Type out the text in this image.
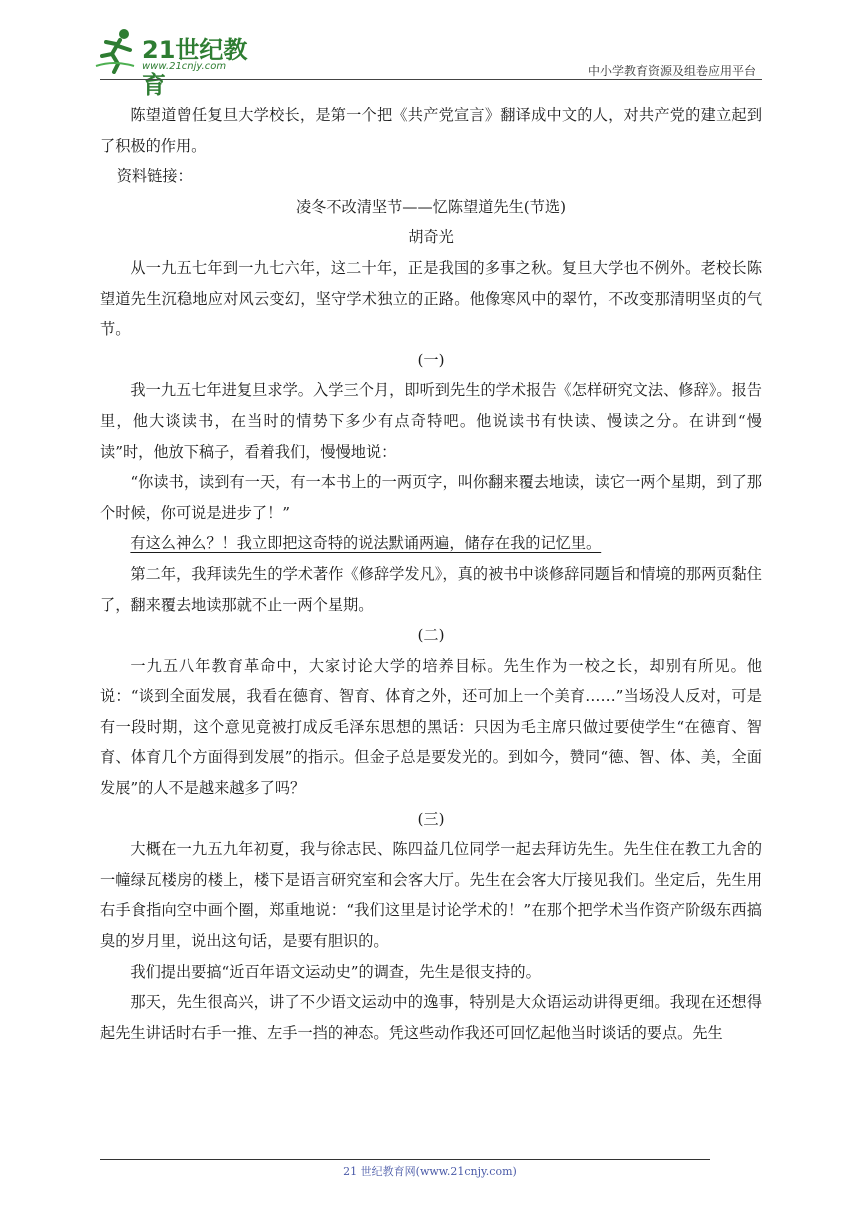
21世纪教育
www.21cnjy.com	中小学教育资源及组卷应用平台

陈望道曾任复旦大学校长，是第一个把《共产党宣言》翻译成中文的人，对共产党的建立起到了积极的作用。

资料链接：

凌冬不改清坚节——忆陈望道先生(节选)

胡奇光

从一九五七年到一九七六年，这二十年，正是我国的多事之秋。复旦大学也不例外。老校长陈望道先生沉稳地应对风云变幻，坚守学术独立的正路。他像寒风中的翠竹，不改变那清明坚贞的气节。

(一)

我一九五七年进复旦求学。入学三个月，即听到先生的学术报告《怎样研究文法、修辞》。报告里，他大谈读书，在当时的情势下多少有点奇特吧。他说读书有快读、慢读之分。在讲到“慢读”时，他放下稿子，看着我们，慢慢地说：

“你读书，读到有一天，有一本书上的一两页字，叫你翻来覆去地读，读它一两个星期，到了那个时候，你可说是进步了！”

有这么神么？！我立即把这奇特的说法默诵两遍，储存在我的记忆里。

第二年，我拜读先生的学术著作《修辞学发凡》，真的被书中谈修辞同题旨和情境的那两页黏住了，翻来覆去地读那就不止一两个星期。

(二)

一九五八年教育革命中，大家讨论大学的培养目标。先生作为一校之长，却别有所见。他说：“谈到全面发展，我看在德育、智育、体育之外，还可加上一个美育……”当场没人反对，可是有一段时期，这个意见竟被打成反毛泽东思想的黑话：只因为毛主席只做过要使学生“在德育、智育、体育几个方面得到发展”的指示。但金子总是要发光的。到如今，赞同“德、智、体、美，全面发展”的人不是越来越多了吗？

(三)

大概在一九五九年初夏，我与徐志民、陈四益几位同学一起去拜访先生。先生住在教工九舍的一幢绿瓦楼房的楼上，楼下是语言研究室和会客大厅。先生在会客大厅接见我们。坐定后，先生用右手食指向空中画个圈，郑重地说：“我们这里是讨论学术的！”在那个把学术当作资产阶级东西搞臭的岁月里，说出这句话，是要有胆识的。

我们提出要搞“近百年语文运动史”的调查，先生是很支持的。

那天，先生很高兴，讲了不少语文运动中的逸事，特别是大众语运动讲得更细。我现在还想得起先生讲话时右手一推、左手一挡的神态。凭这些动作我还可回忆起他当时谈话的要点。先生

21 世纪教育网(www.21cnjy.com)
